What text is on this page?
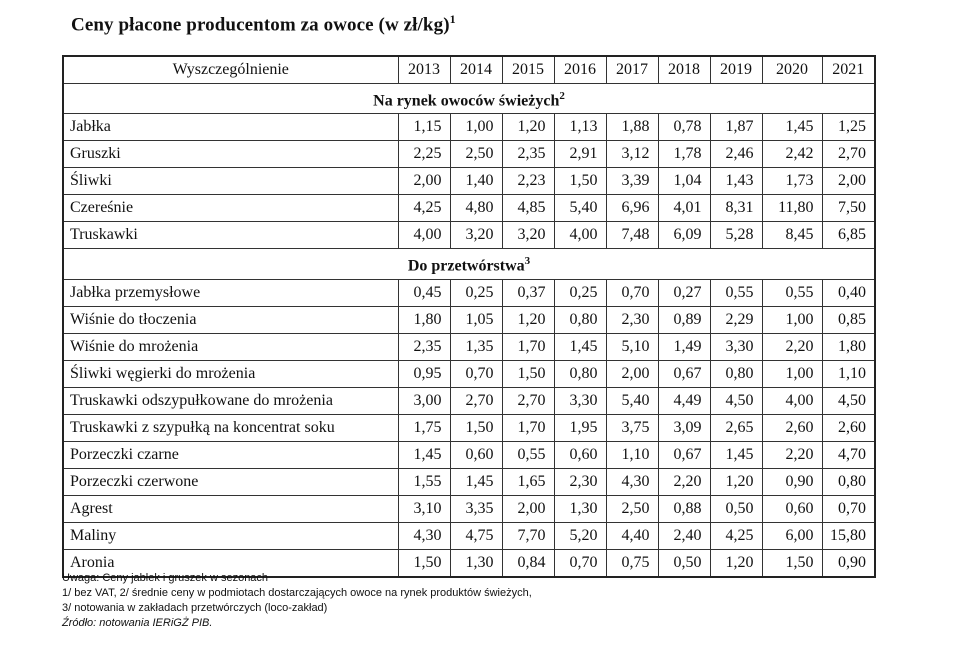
Ceny płacone producentom za owoce (w zł/kg)$^1$
Wyszczególnienie	2013	2014	2015	2016	2017	2018	2019	2020	2021
Na rynek owoców świeżych$^2$
Jabłka	1,15	1,00	1,20	1,13	1,88	0,78	1,87	1,45	1,25
Gruszki	2,25	2,50	2,35	2,91	3,12	1,78	2,46	2,42	2,70
Śliwki	2,00	1,40	2,23	1,50	3,39	1,04	1,43	1,73	2,00
Czereśnie	4,25	4,80	4,85	5,40	6,96	4,01	8,31	11,80	7,50
Truskawki	4,00	3,20	3,20	4,00	7,48	6,09	5,28	8,45	6,85
Do przetwórstwa$^3$
Jabłka przemysłowe	0,45	0,25	0,37	0,25	0,70	0,27	0,55	0,55	0,40
Wiśnie do tłoczenia	1,80	1,05	1,20	0,80	2,30	0,89	2,29	1,00	0,85
Wiśnie do mrożenia	2,35	1,35	1,70	1,45	5,10	1,49	3,30	2,20	1,80
Śliwki węgierki do mrożenia	0,95	0,70	1,50	0,80	2,00	0,67	0,80	1,00	1,10
Truskawki odszypułkowane do mrożenia	3,00	2,70	2,70	3,30	5,40	4,49	4,50	4,00	4,50
Truskawki z szypułką na koncentrat soku	1,75	1,50	1,70	1,95	3,75	3,09	2,65	2,60	2,60
Porzeczki czarne	1,45	0,60	0,55	0,60	1,10	0,67	1,45	2,20	4,70
Porzeczki czerwone	1,55	1,45	1,65	2,30	4,30	2,20	1,20	0,90	0,80
Agrest	3,10	3,35	2,00	1,30	2,50	0,88	0,50	0,60	0,70
Maliny	4,30	4,75	7,70	5,20	4,40	2,40	4,25	6,00	15,80
Aronia	1,50	1,30	0,84	0,70	0,75	0,50	1,20	1,50	0,90
Uwaga: Ceny jabłek i gruszek w sezonach
1/ bez VAT, 2/ średnie ceny w podmiotach dostarczających owoce na rynek produktów świeżych,
3/ notowania w zakładach przetwórczych (loco-zakład)
Źródło: notowania IERiGŻ PIB.
